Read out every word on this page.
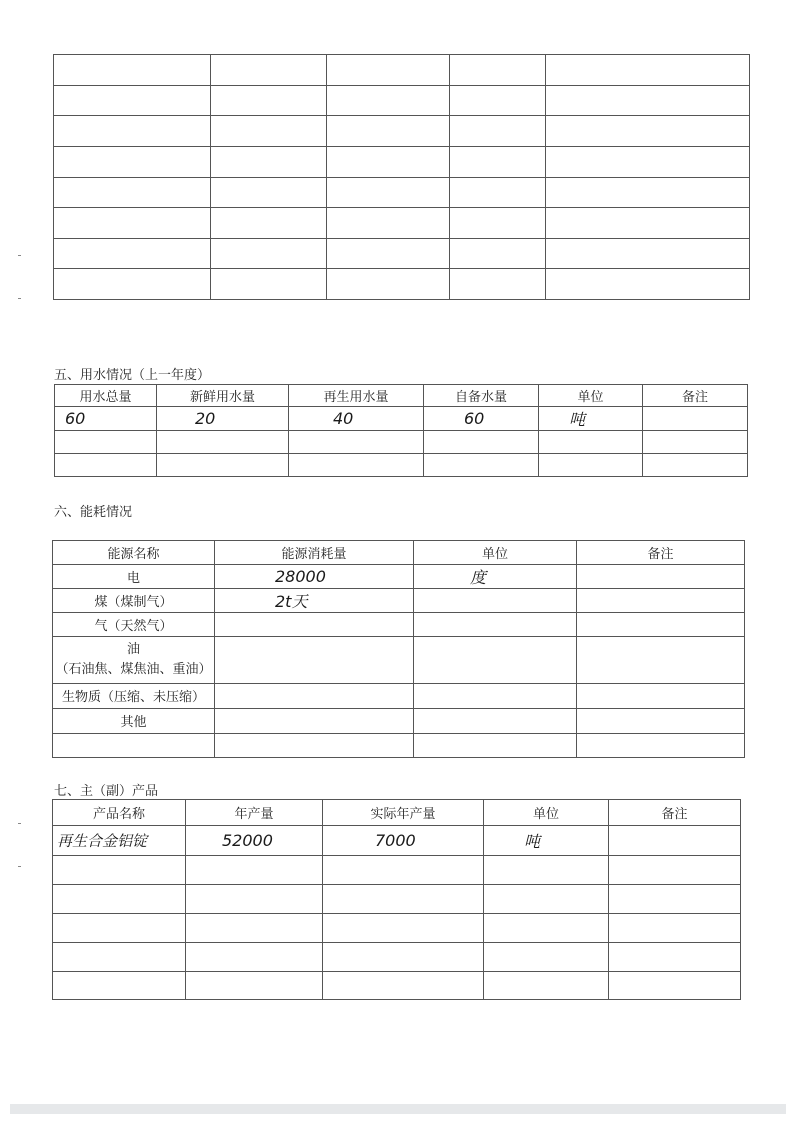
五、用水情况（上一年度）
用水总量	新鲜用水量	再生用水量	自备水量	单位	备注
60	20	40	60	吨	

六、能耗情况
能源名称	能源消耗量	单位	备注
电	28000	度	
煤（煤制气）	2t天		
气（天然气）			

油
（石油焦、煤焦油、重油）			

生物质（压缩、未压缩）			
其他			

七、主（副）产品
产品名称	年产量	实际年产量	单位	备注
再生合金铝锭	52000	7000	吨	
